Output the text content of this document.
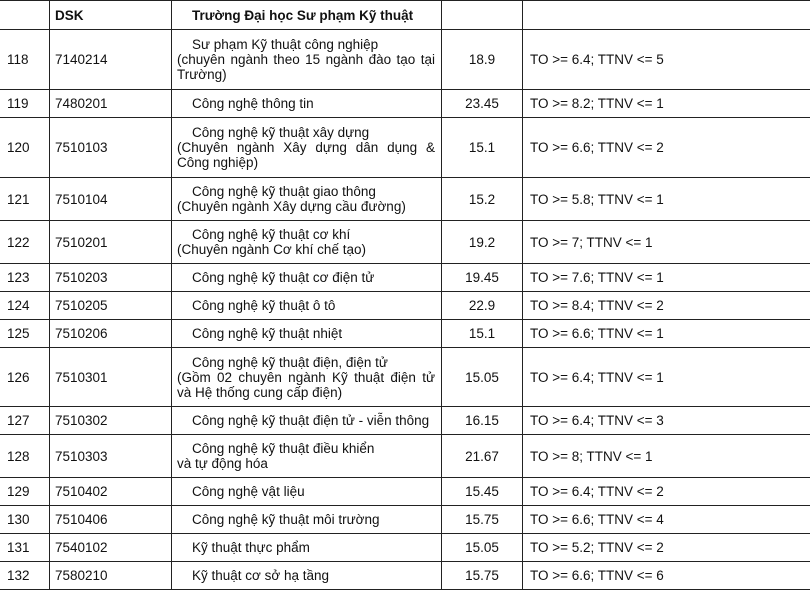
	DSK	Trường Đại học Sư phạm Kỹ thuật		
118	7140214	Sư phạm Kỹ thuật công nghiệp
(chuyên ngành theo 15 ngành đào tạo tại Trường)	18.9	TO >= 6.4; TTNV <= 5
119	7480201	Công nghệ thông tin	23.45	TO >= 8.2; TTNV <= 1
120	7510103	Công nghệ kỹ thuật xây dựng
(Chuyên ngành Xây dựng dân dụng & Công nghiệp)	15.1	TO >= 6.6; TTNV <= 2
121	7510104	Công nghệ kỹ thuật giao thông
(Chuyên ngành Xây dựng cầu đường)	15.2	TO >= 5.8; TTNV <= 1
122	7510201	Công nghệ kỹ thuật cơ khí
(Chuyên ngành Cơ khí chế tạo)	19.2	TO >= 7; TTNV <= 1
123	7510203	Công nghệ kỹ thuật cơ điện tử	19.45	TO >= 7.6; TTNV <= 1
124	7510205	Công nghệ kỹ thuật ô tô	22.9	TO >= 8.4; TTNV <= 2
125	7510206	Công nghệ kỹ thuật nhiệt	15.1	TO >= 6.6; TTNV <= 1
126	7510301	Công nghệ kỹ thuật điện, điện tử
(Gồm 02 chuyên ngành Kỹ thuật điện tử và Hệ thống cung cấp điện)	15.05	TO >= 6.4; TTNV <= 1
127	7510302	Công nghệ kỹ thuật điện tử - viễn thông	16.15	TO >= 6.4; TTNV <= 3
128	7510303	Công nghệ kỹ thuật điều khiển
và tự động hóa	21.67	TO >= 8; TTNV <= 1
129	7510402	Công nghệ vật liệu	15.45	TO >= 6.4; TTNV <= 2
130	7510406	Công nghệ kỹ thuật môi trường	15.75	TO >= 6.6; TTNV <= 4
131	7540102	Kỹ thuật thực phẩm	15.05	TO >= 5.2; TTNV <= 2
132	7580210	Kỹ thuật cơ sở hạ tầng	15.75	TO >= 6.6; TTNV <= 6
